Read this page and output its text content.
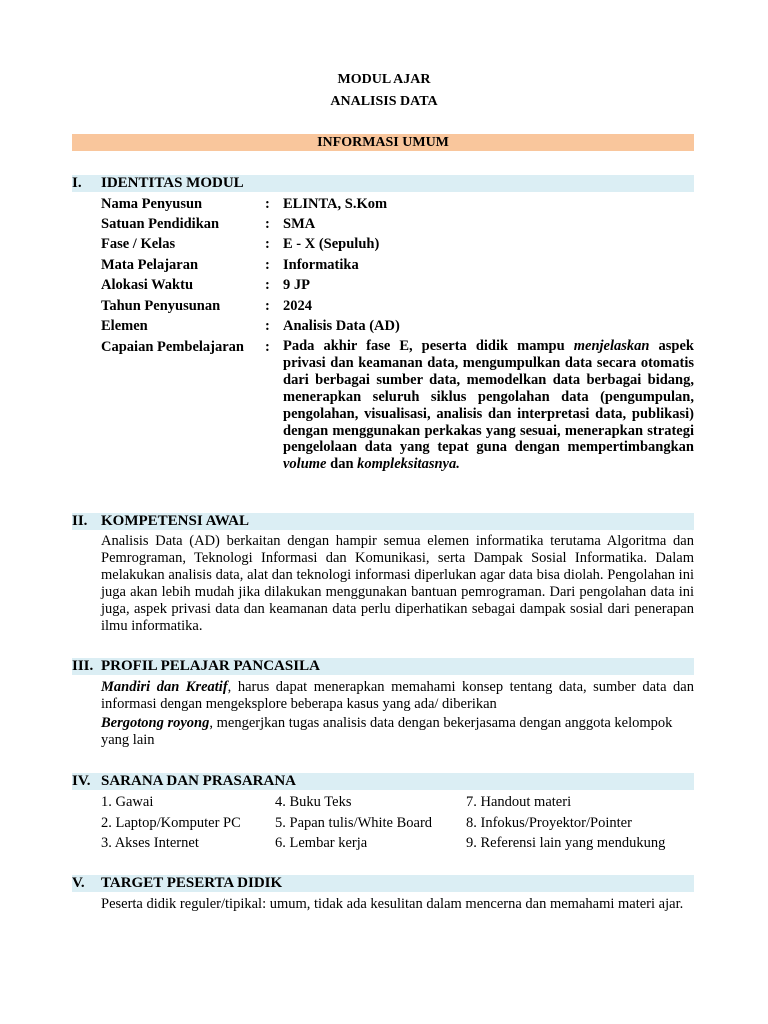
MODUL AJAR
ANALISIS DATA
INFORMASI UMUM
I. IDENTITAS MODUL
Nama Penyusun	: ELINTA, S.Kom
Satuan Pendidikan	: SMA
Fase / Kelas	: E - X (Sepuluh)
Mata Pelajaran	: Informatika
Alokasi Waktu	: 9 JP
Tahun Penyusunan	: 2024
Elemen	: Analisis Data (AD)
Capaian Pembelajaran	: Pada akhir fase E, peserta didik mampu menjelaskan aspek privasi dan keamanan data, mengumpulkan data secara otomatis dari berbagai sumber data, memodelkan data berbagai bidang, menerapkan seluruh siklus pengolahan data (pengumpulan, pengolahan, visualisasi, analisis dan interpretasi data, publikasi) dengan menggunakan perkakas yang sesuai, menerapkan strategi pengelolaan data yang tepat guna dengan mempertimbangkan volume dan kompleksitasnya.
II. KOMPETENSI AWAL
Analisis Data (AD) berkaitan dengan hampir semua elemen informatika terutama Algoritma dan Pemrograman, Teknologi Informasi dan Komunikasi, serta Dampak Sosial Informatika. Dalam melakukan analisis data, alat dan teknologi informasi diperlukan agar data bisa diolah. Pengolahan ini juga akan lebih mudah jika dilakukan menggunakan bantuan pemrograman. Dari pengolahan data ini juga, aspek privasi data dan keamanan data perlu diperhatikan sebagai dampak sosial dari penerapan ilmu informatika.
III. PROFIL PELAJAR PANCASILA
Mandiri dan Kreatif, harus dapat menerapkan memahami konsep tentang data, sumber data dan informasi dengan mengeksplore beberapa kasus yang ada/ diberikan
Bergotong royong, mengerjkan tugas analisis data dengan bekerjasama dengan anggota kelompok yang lain
IV. SARANA DAN PRASARANA
1. Gawai
2. Laptop/Komputer PC
3. Akses Internet
4. Buku Teks
5. Papan tulis/White Board
6. Lembar kerja
7. Handout materi
8. Infokus/Proyektor/Pointer
9. Referensi lain yang mendukung
V. TARGET PESERTA DIDIK
Peserta didik reguler/tipikal: umum, tidak ada kesulitan dalam mencerna dan memahami materi ajar.
